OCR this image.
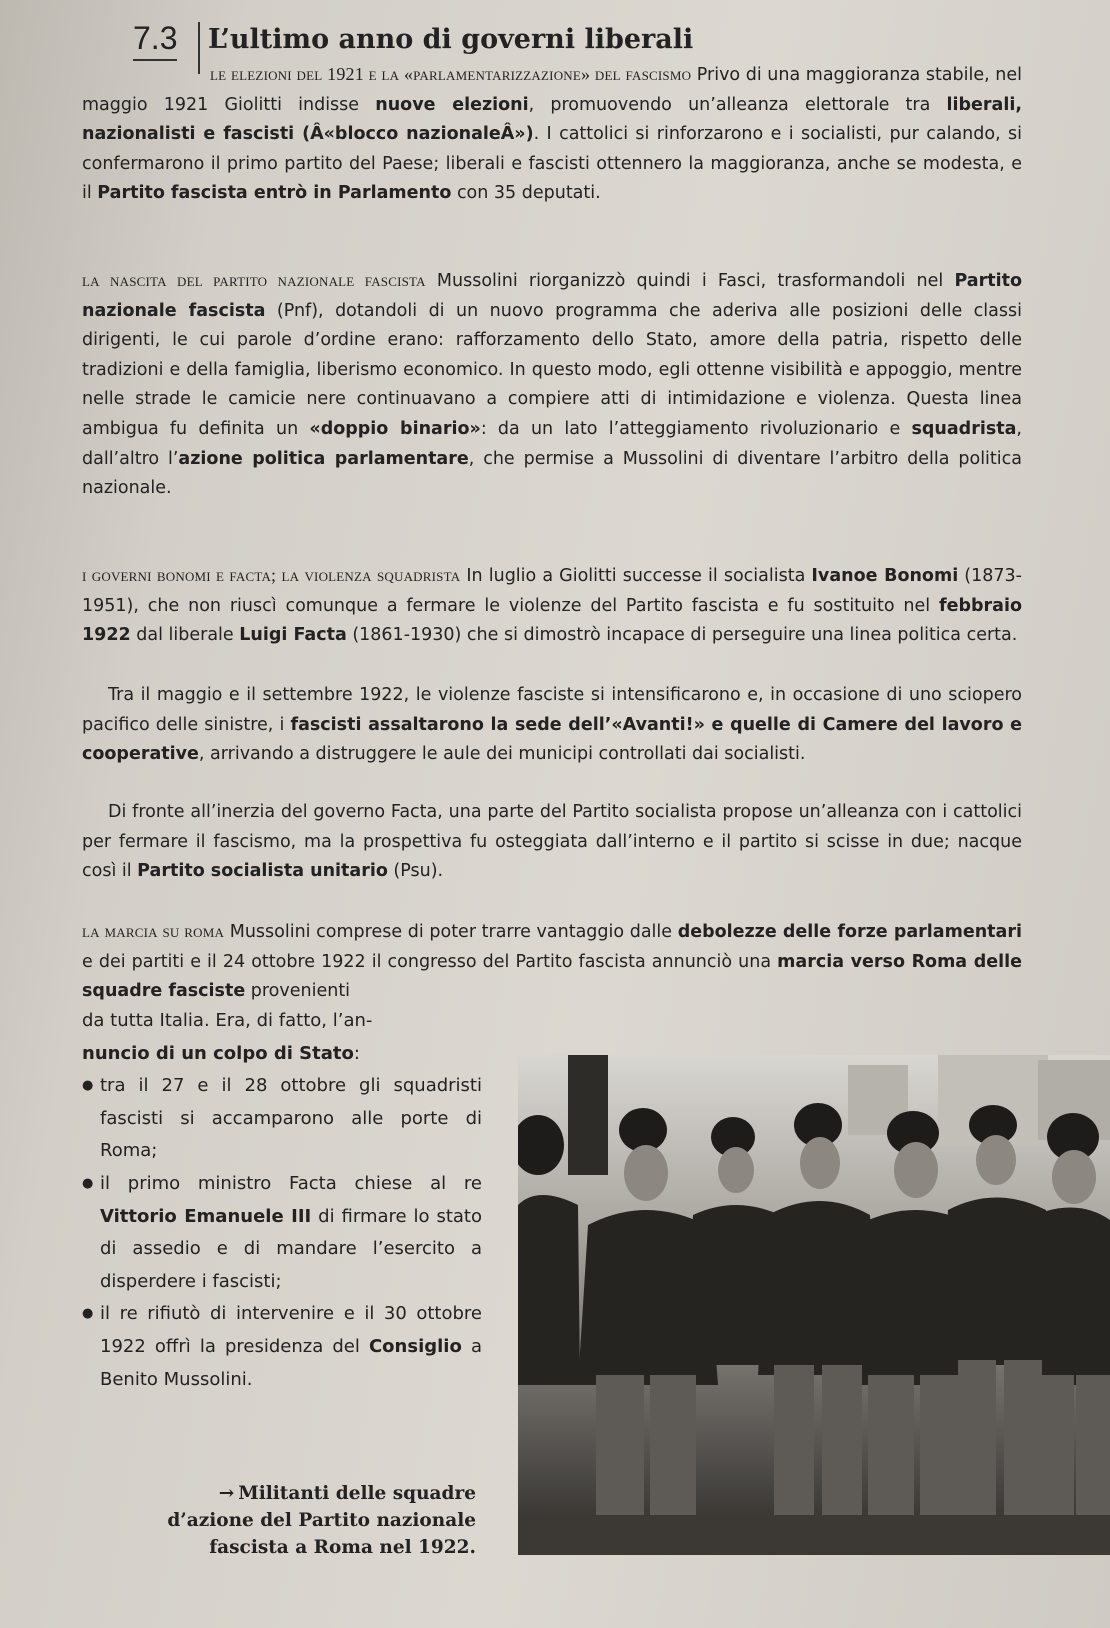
7.3 L’ultimo anno di governi liberali
le elezioni del 1921 e la «parlamentarizzazione» del fascismo Privo di una maggioranza stabile, nel maggio 1921 Giolitti indisse nuove elezioni, promuovendo un’alleanza elettorale tra liberali, nazionalisti e fascisti (Â«blocco nazionaleÂ»). I cattolici si rinforzarono e i socialisti, pur calando, si confermarono il primo partito del Paese; liberali e fascisti ottennero la maggioranza, anche se modesta, e il Partito fascista entrò in Parlamento con 35 deputati.
la nascita del partito nazionale fascista Mussolini riorganizzò quindi i Fasci, trasformandoli nel Partito nazionale fascista (Pnf), dotandoli di un nuovo programma che aderiva alle posizioni delle classi dirigenti, le cui parole d’ordine erano: rafforzamento dello Stato, amore della patria, rispetto delle tradizioni e della famiglia, liberismo economico. In questo modo, egli ottenne visibilità e appoggio, mentre nelle strade le camicie nere continuavano a compiere atti di intimidazione e violenza. Questa linea ambigua fu definita un «doppio binario»: da un lato l’atteggiamento rivoluzionario e squadrista, dall’altro l’azione politica parlamentare, che permise a Mussolini di diventare l’arbitro della politica nazionale.
i governi bonomi e facta; la violenza squadrista In luglio a Giolitti successe il socialista Ivanoe Bonomi (1873-1951), che non riuscì comunque a fermare le violenze del Partito fascista e fu sostituito nel febbraio 1922 dal liberale Luigi Facta (1861-1930) che si dimostrò incapace di perseguire una linea politica certa.
Tra il maggio e il settembre 1922, le violenze fasciste si intensificarono e, in occasione di uno sciopero pacifico delle sinistre, i fascisti assaltarono la sede dell’«Avanti!» e quelle di Camere del lavoro e cooperative, arrivando a distruggere le aule dei municipi controllati dai socialisti.
Di fronte all’inerzia del governo Facta, una parte del Partito socialista propose un’alleanza con i cattolici per fermare il fascismo, ma la prospettiva fu osteggiata dall’interno e il partito si scisse in due; nacque così il Partito socialista unitario (Psu).
la marcia su roma Mussolini comprese di poter trarre vantaggio dalle debolezze delle forze parlamentari e dei partiti e il 24 ottobre 1922 il congresso del Partito fascista annunciò una marcia verso Roma delle squadre fasciste provenienti
da tutta Italia. Era, di fatto, l’an-
nuncio di un colpo di Stato:
● tra il 27 e il 28 ottobre gli squadristi fascisti si accamparono alle porte di Roma;
● il primo ministro Facta chiese al re Vittorio Emanuele III di firmare lo stato di assedio e di mandare l’esercito a disperdere i fascisti;
● il re rifiutò di intervenire e il 30 ottobre 1922 offrì la presidenza del Consiglio a Benito Mussolini.
→ Militanti delle squadre d’azione del Partito nazionale fascista a Roma nel 1922.
